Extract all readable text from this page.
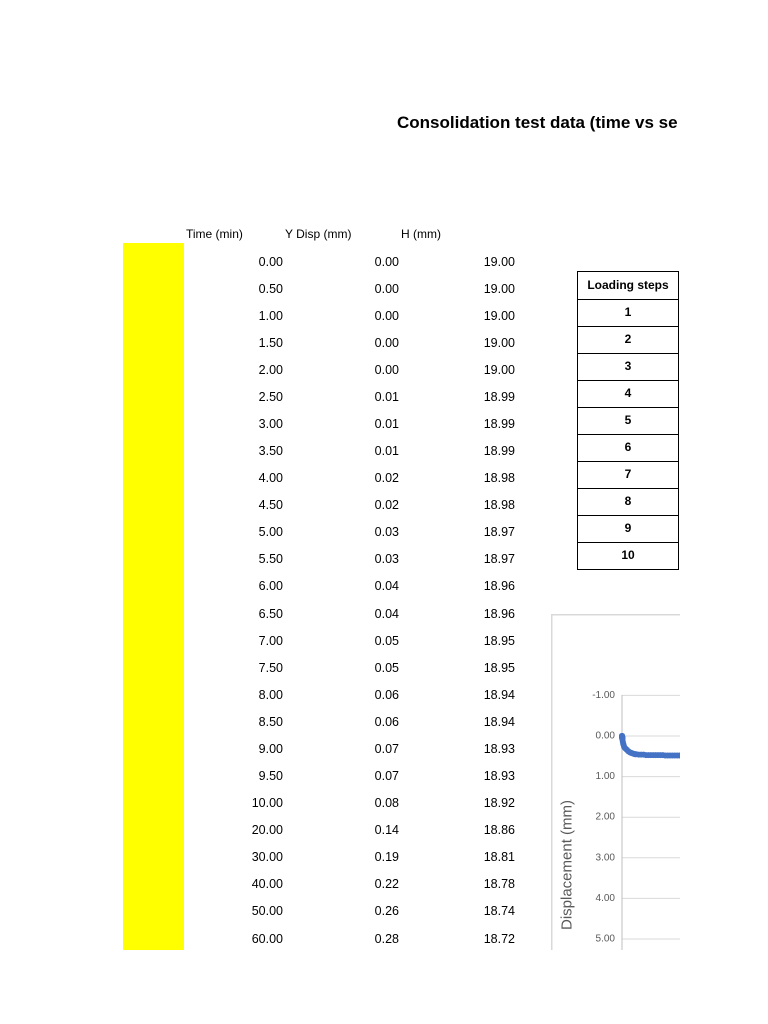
Consolidation test data (time vs se
Time (min)	Y Disp (mm)	H (mm)
0.00	0.00	19.00
0.50	0.00	19.00
1.00	0.00	19.00
1.50	0.00	19.00
2.00	0.00	19.00
2.50	0.01	18.99
3.00	0.01	18.99
3.50	0.01	18.99
4.00	0.02	18.98
4.50	0.02	18.98
5.00	0.03	18.97
5.50	0.03	18.97
6.00	0.04	18.96
6.50	0.04	18.96
7.00	0.05	18.95
7.50	0.05	18.95
8.00	0.06	18.94
8.50	0.06	18.94
9.00	0.07	18.93
9.50	0.07	18.93
10.00	0.08	18.92
20.00	0.14	18.86
30.00	0.19	18.81
40.00	0.22	18.78
50.00	0.26	18.74
60.00	0.28	18.72
Loading steps
1
2
3
4
5
6
7
8
9
10
-1.00
0.00
1.00
2.00
3.00
4.00
5.00
Displacement (mm)
